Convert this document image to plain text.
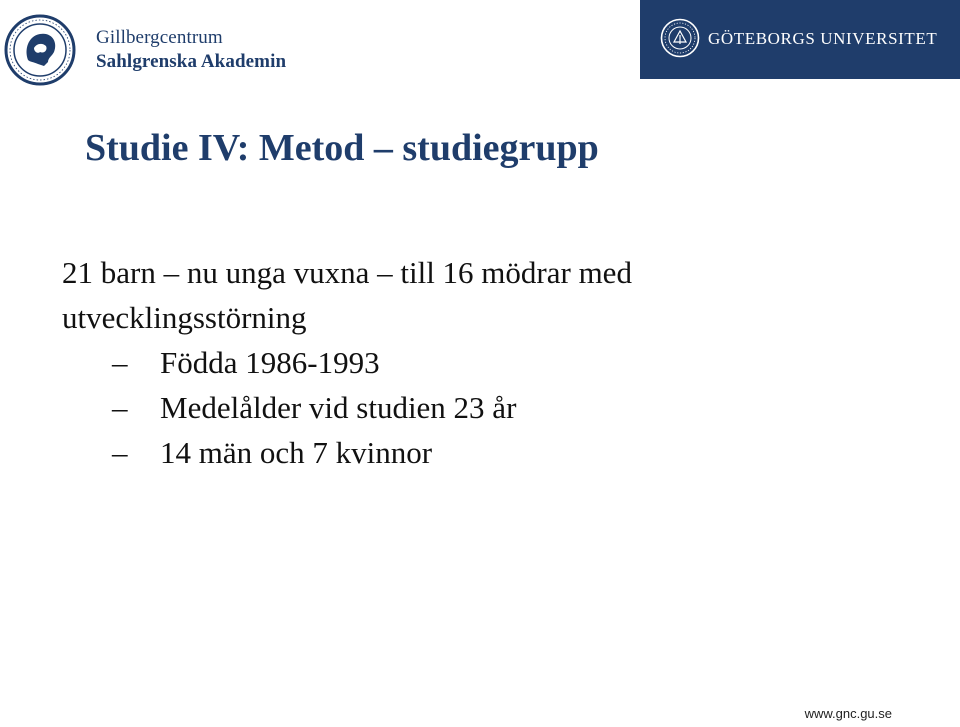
Gillbergcentrum
Sahlgrenska Akademin
GÖTEBORGS UNIVERSITET
Studie IV: Metod – studiegrupp

21 barn – nu unga vuxna – till 16 mödrar med utvecklingsstörning

– Födda 1986-1993
– Medelålder vid studien 23 år
– 14 män och 7 kvinnor
www.gnc.gu.se
